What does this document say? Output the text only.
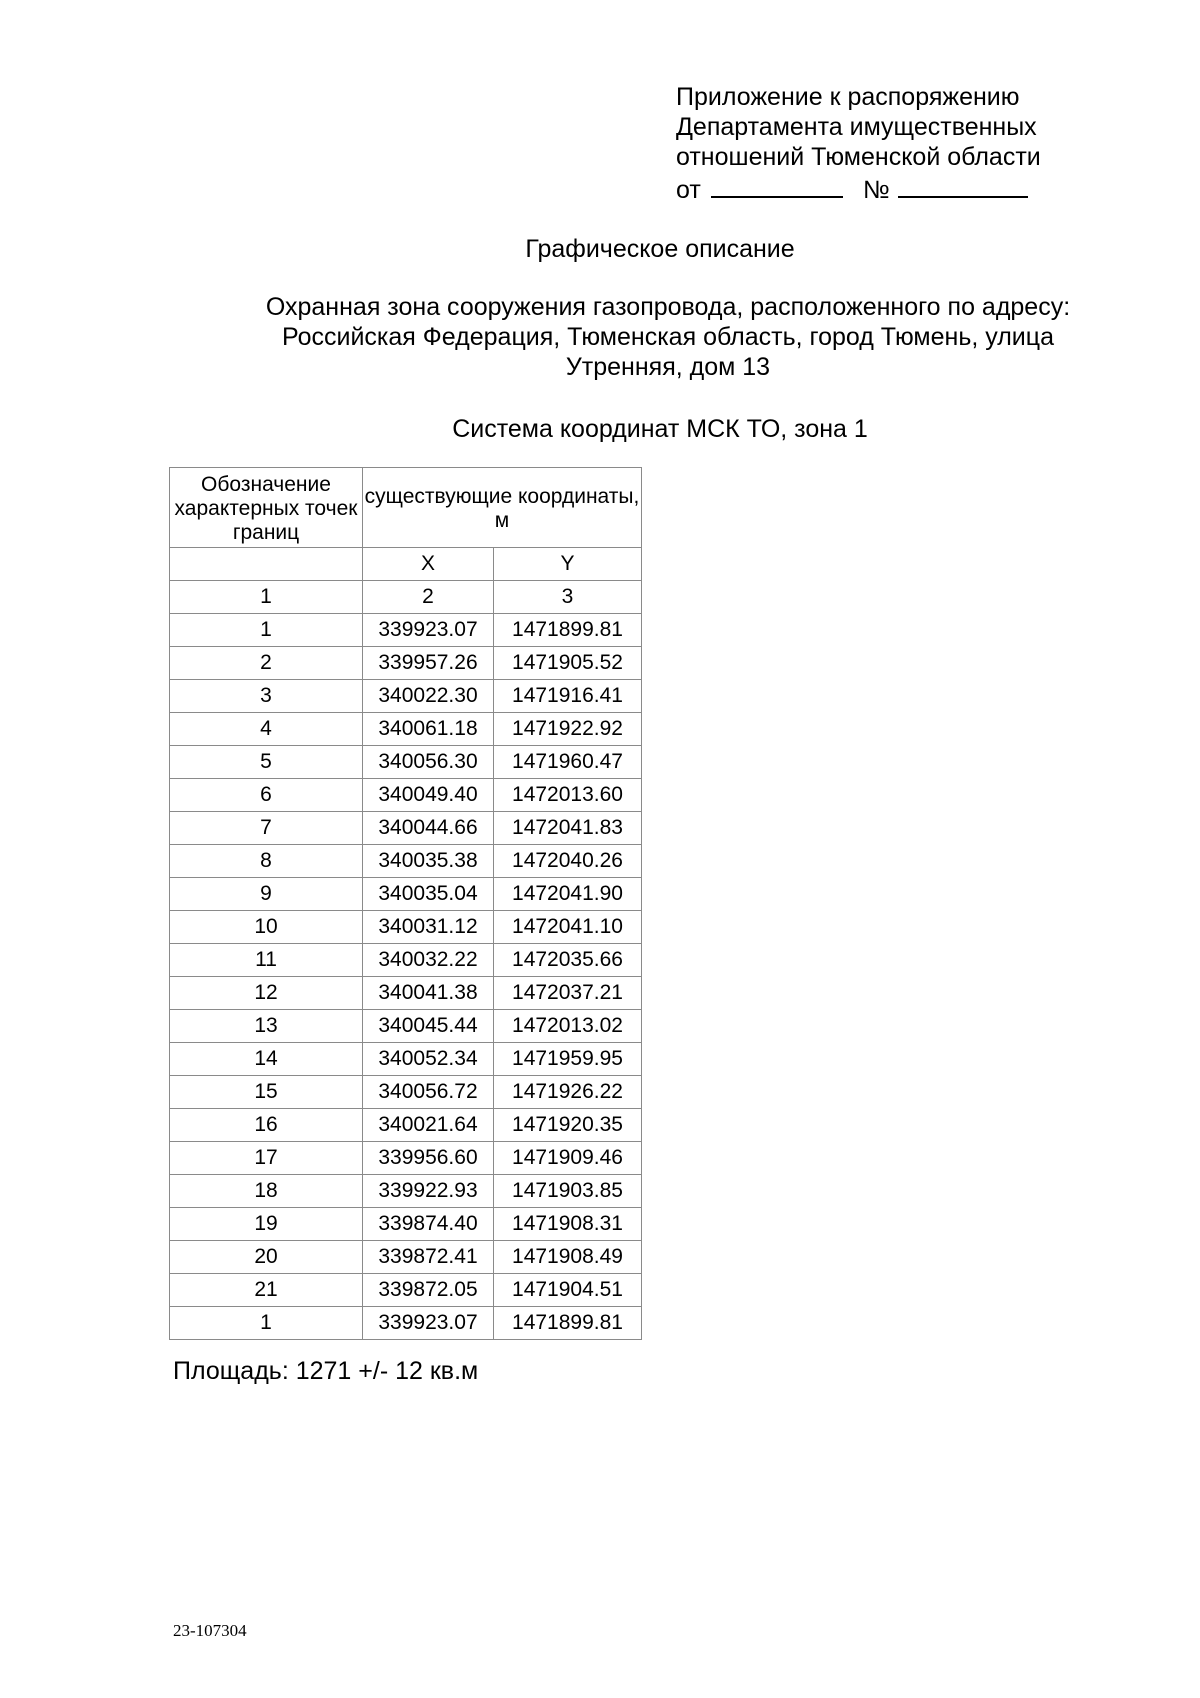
Приложение к распоряжению
Департамента имущественных
отношений Тюменской области
от	№
Графическое описание
Охранная зона сооружения газопровода, расположенного по адресу: Российская Федерация, Тюменская область, город Тюмень, улица Утренняя, дом 13
Система координат МСК ТО, зона 1
Обозначение характерных точек границ	существующие координаты, м	
	X	Y
1	2	3
1	339923.07	1471899.81
2	339957.26	1471905.52
3	340022.30	1471916.41
4	340061.18	1471922.92
5	340056.30	1471960.47
6	340049.40	1472013.60
7	340044.66	1472041.83
8	340035.38	1472040.26
9	340035.04	1472041.90
10	340031.12	1472041.10
11	340032.22	1472035.66
12	340041.38	1472037.21
13	340045.44	1472013.02
14	340052.34	1471959.95
15	340056.72	1471926.22
16	340021.64	1471920.35
17	339956.60	1471909.46
18	339922.93	1471903.85
19	339874.40	1471908.31
20	339872.41	1471908.49
21	339872.05	1471904.51
1	339923.07	1471899.81
Площадь: 1271 +/- 12 кв.м
23-107304
